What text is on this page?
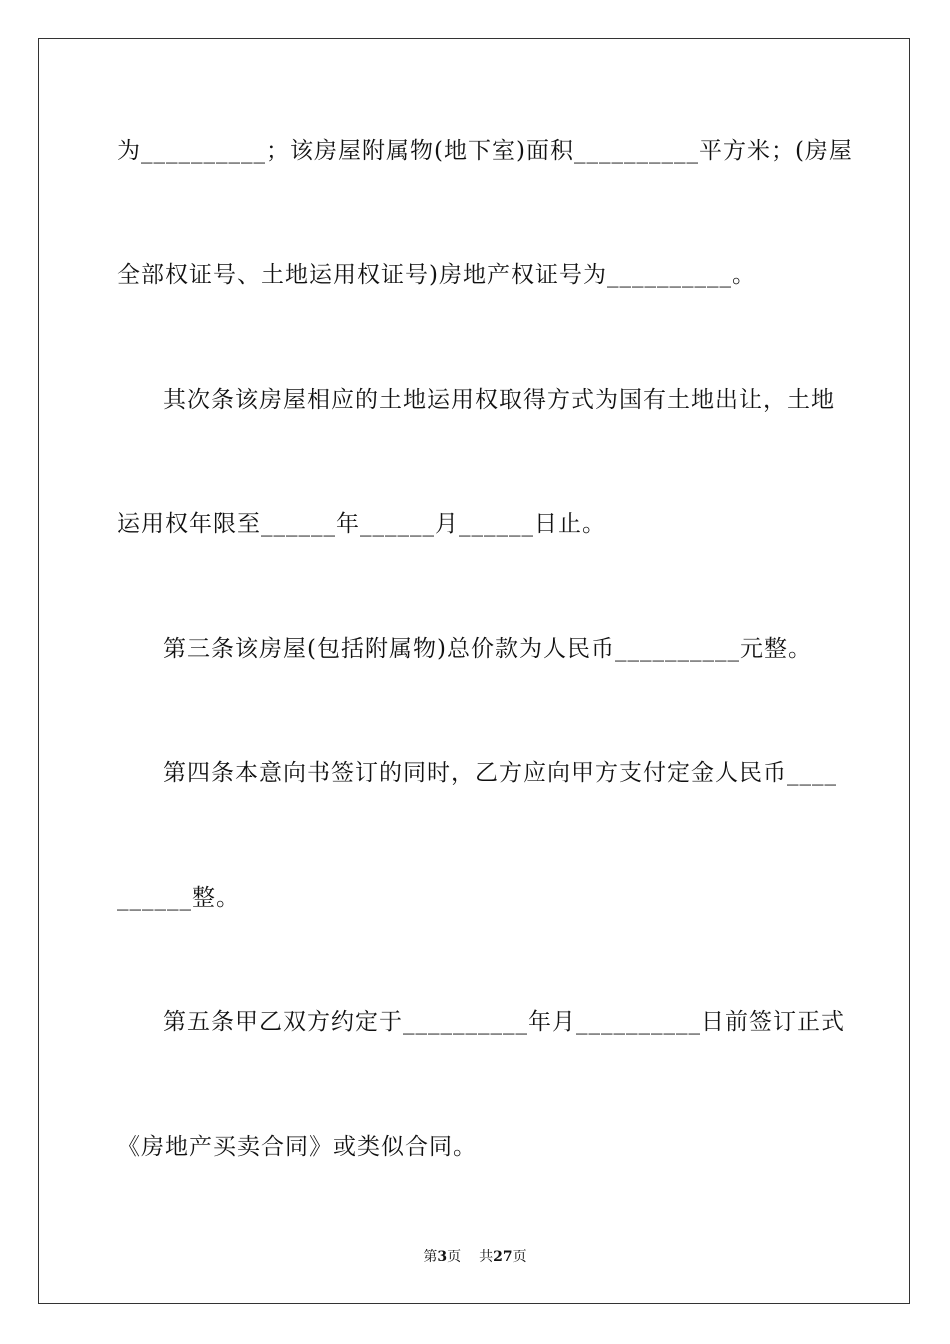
为__________；该房屋附属物(地下室)面积__________平方米；(房屋
全部权证号、土地运用权证号)房地产权证号为__________。
其次条该房屋相应的土地运用权取得方式为国有土地出让，土地
运用权年限至______年______月______日止。
第三条该房屋(包括附属物)总价款为人民币__________元整。
第四条本意向书签订的同时，乙方应向甲方支付定金人民币____
______整。
第五条甲乙双方约定于__________年月__________日前签订正式
《房地产买卖合同》或类似合同。
第3页 共27页
